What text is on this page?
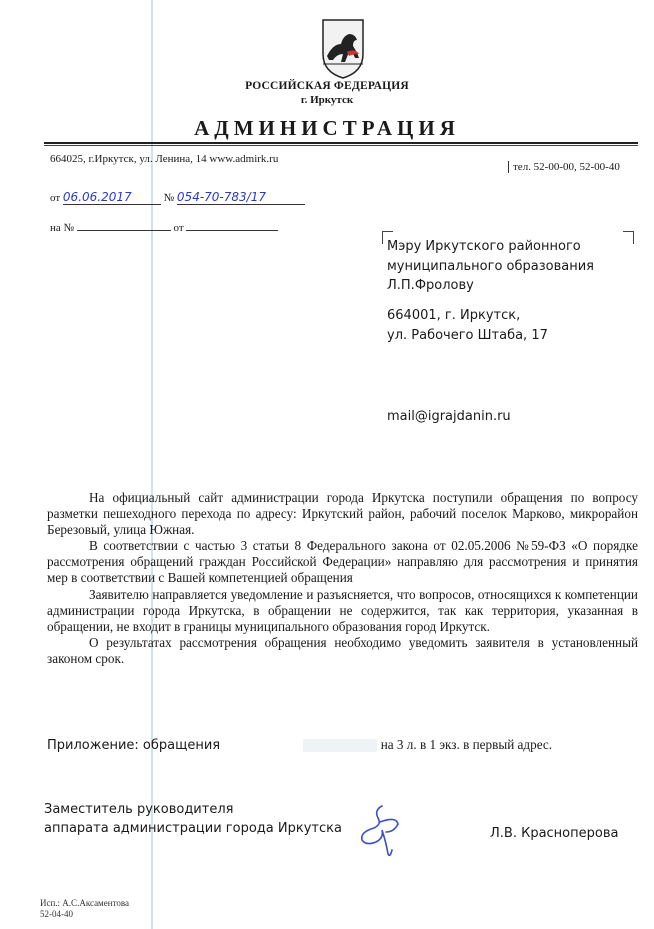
РОССИЙСКАЯ ФЕДЕРАЦИЯ
г. Иркутск
АДМИНИСТРАЦИЯ
664025, г.Иркутск, ул. Ленина, 14 www.admirk.ru
тел. 52-00-00, 52-00-40
от 06.06.2017	№ 054-70-783/17
на №	от
Мэру Иркутского районного
муниципального образования
Л.П.Фролову
664001, г. Иркутск,
ул. Рабочего Штаба, 17
mail@igrajdanin.ru

На официальный сайт администрации города Иркутска поступили обращения по вопросу разметки пешеходного перехода по адресу: Иркутский район, рабочий поселок Марково, микрорайон Березовый, улица Южная.

В соответствии с частью 3 статьи 8 Федерального закона от 02.05.2006 №59-ФЗ «О порядке рассмотрения обращений граждан Российской Федерации» направляю для рассмотрения и принятия мер в соответствии с Вашей компетенцией обращения

Заявителю направляется уведомление и разъясняется, что вопросов, относящихся к компетенции администрации города Иркутска, в обращении не содержится, так как территория, указанная в обращении, не входит в границы муниципального образования город Иркутск.

О результатах рассмотрения обращения необходимо уведомить заявителя в установленный законом срок.

Приложение: обращения	на 3 л. в 1 экз. в первый адрес.
Заместитель руководителя
аппарата администрации города Иркутска	Л.В. Красноперова
Исп.: А.С.Аксаментова
52-04-40
